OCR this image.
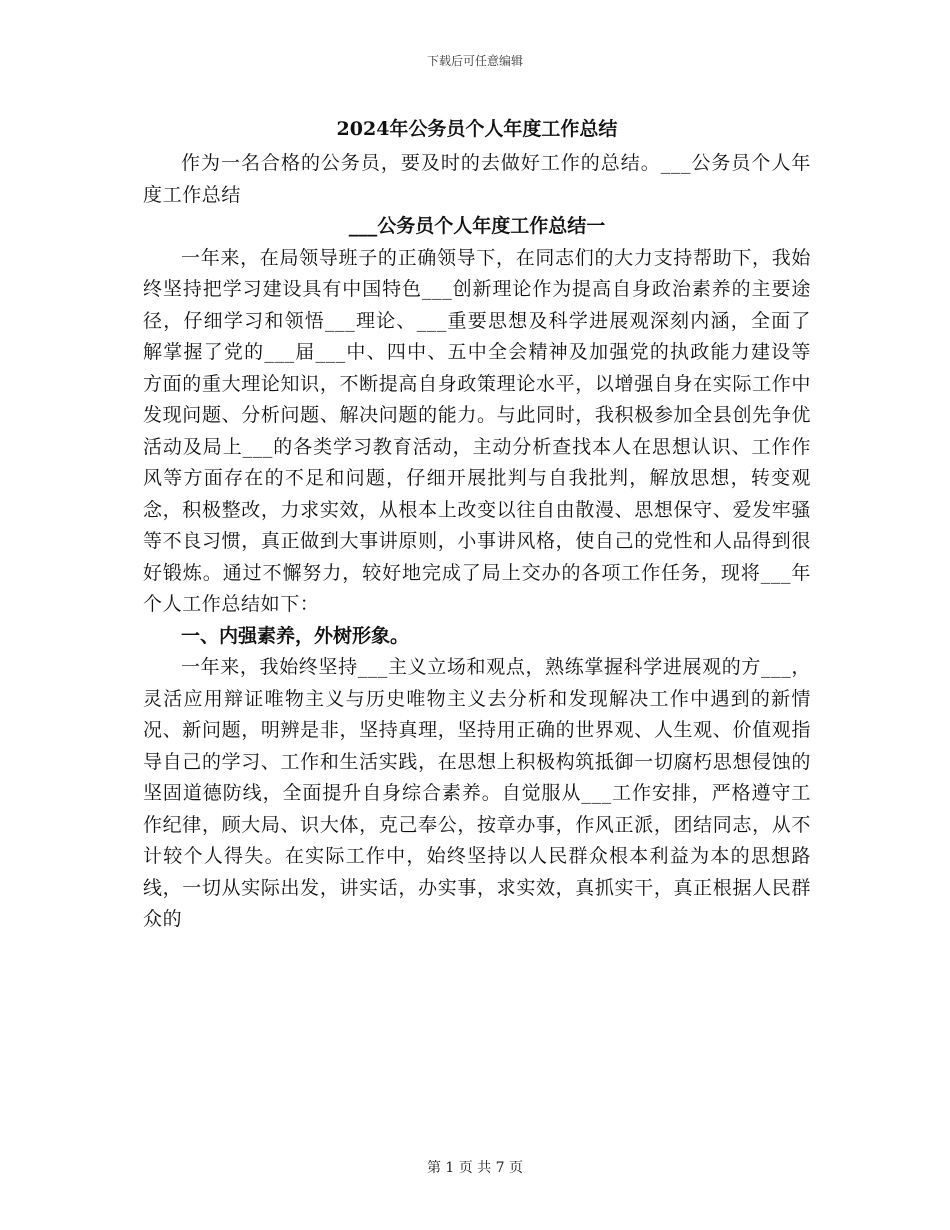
下载后可任意编辑
2024年公务员个人年度工作总结

作为一名合格的公务员，要及时的去做好工作的总结。___公务员个人年度工作总结

___公务员个人年度工作总结一

一年来，在局领导班子的正确领导下，在同志们的大力支持帮助下，我始终坚持把学习建设具有中国特色___创新理论作为提高自身政治素养的主要途径，仔细学习和领悟___理论、___重要思想及科学进展观深刻内涵，全面了解掌握了党的___届___中、四中、五中全会精神及加强党的执政能力建设等方面的重大理论知识，不断提高自身政策理论水平，以增强自身在实际工作中发现问题、分析问题、解决问题的能力。与此同时，我积极参加全县创先争优活动及局上___的各类学习教育活动，主动分析查找本人在思想认识、工作作风等方面存在的不足和问题，仔细开展批判与自我批判，解放思想，转变观念，积极整改，力求实效，从根本上改变以往自由散漫、思想保守、爱发牢骚等不良习惯，真正做到大事讲原则，小事讲风格，使自己的党性和人品得到很好锻炼。通过不懈努力，较好地完成了局上交办的各项工作任务，现将___年个人工作总结如下：

一、内强素养，外树形象。

一年来，我始终坚持___主义立场和观点，熟练掌握科学进展观的方___，灵活应用辩证唯物主义与历史唯物主义去分析和发现解决工作中遇到的新情况、新问题，明辨是非，坚持真理，坚持用正确的世界观、人生观、价值观指导自己的学习、工作和生活实践，在思想上积极构筑抵御一切腐朽思想侵蚀的坚固道德防线，全面提升自身综合素养。自觉服从___工作安排，严格遵守工作纪律，顾大局、识大体，克己奉公，按章办事，作风正派，团结同志，从不计较个人得失。在实际工作中，始终坚持以人民群众根本利益为本的思想路线，一切从实际出发，讲实话，办实事，求实效，真抓实干，真正根据人民群众的

第 1 页 共 7 页
